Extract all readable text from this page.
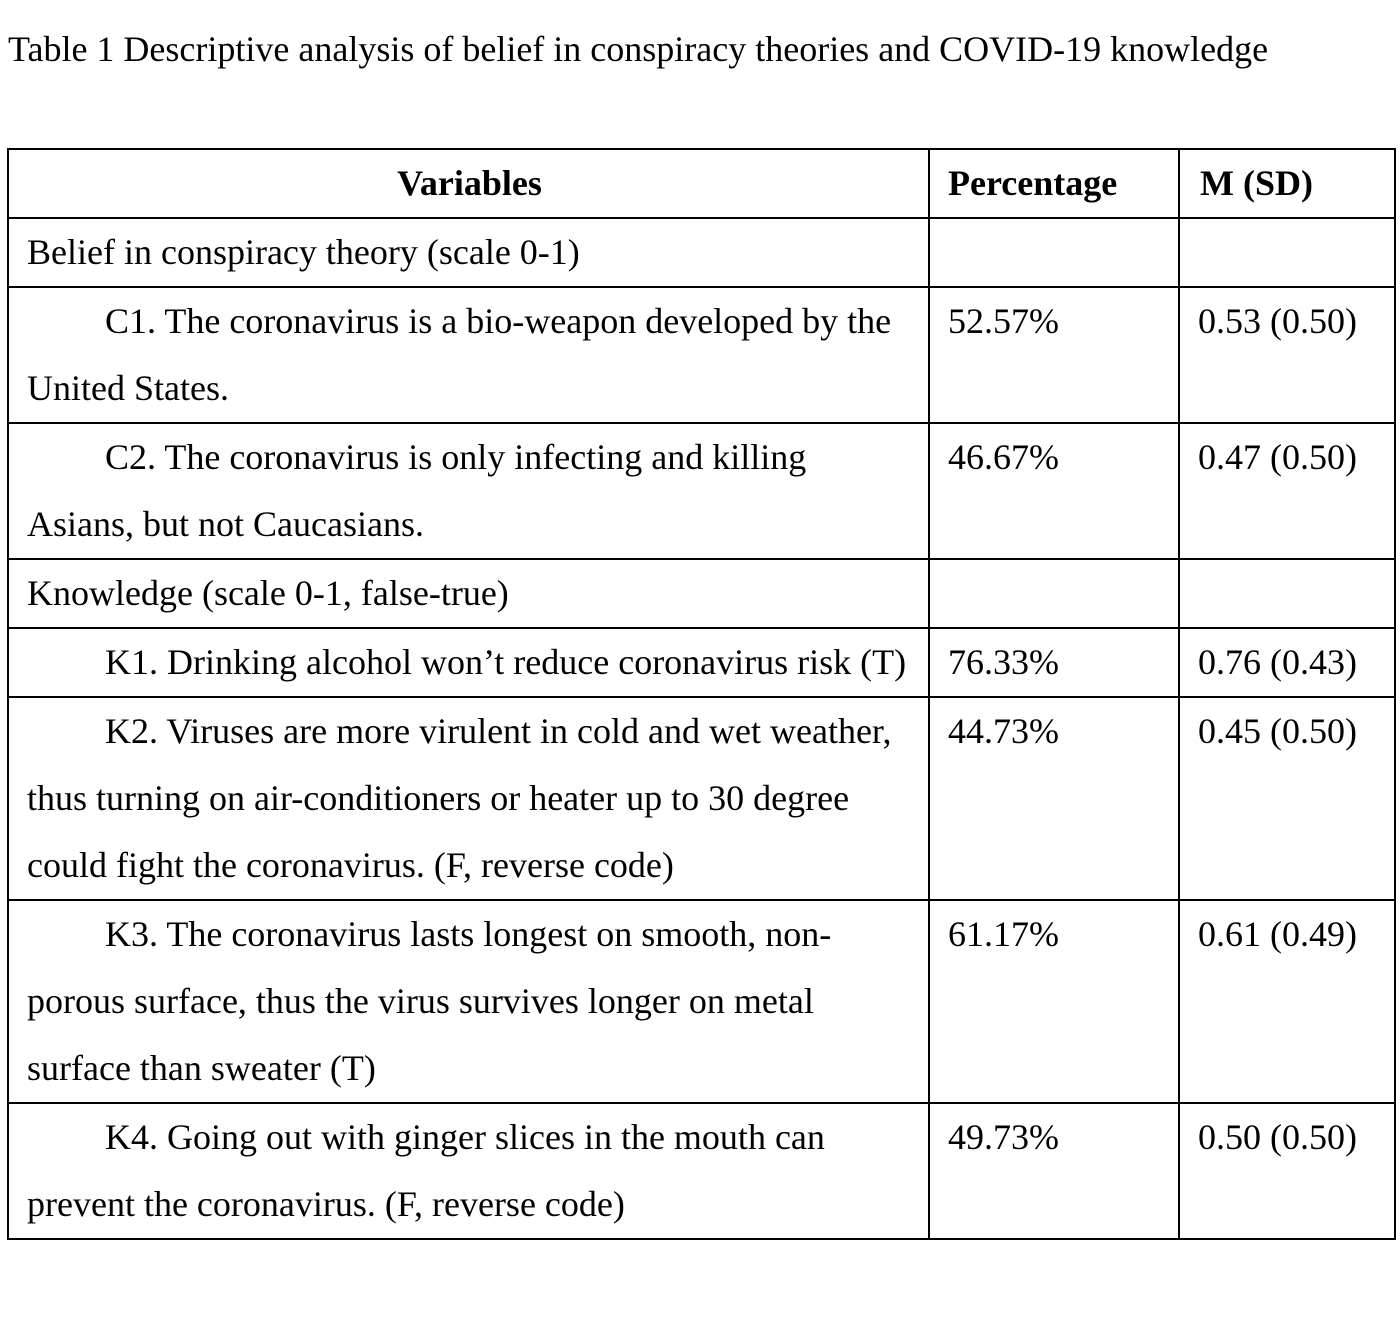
Table 1 Descriptive analysis of belief in conspiracy theories and COVID-19 knowledge

Variables	Percentage	M (SD)
Belief in conspiracy theory (scale 0-1)		
C1. The coronavirus is a bio-weapon developed by the United States.	52.57%	0.53 (0.50)
C2. The coronavirus is only infecting and killing Asians, but not Caucasians.	46.67%	0.47 (0.50)
Knowledge (scale 0-1, false-true)		
K1. Drinking alcohol won’t reduce coronavirus risk (T)	76.33%	0.76 (0.43)
K2. Viruses are more virulent in cold and wet weather, thus turning on air-conditioners or heater up to 30 degree could fight the coronavirus. (F, reverse code)	44.73%	0.45 (0.50)
K3. The coronavirus lasts longest on smooth, non-porous surface, thus the virus survives longer on metal surface than sweater (T)	61.17%	0.61 (0.49)
K4. Going out with ginger slices in the mouth can prevent the coronavirus. (F, reverse code)	49.73%	0.50 (0.50)
